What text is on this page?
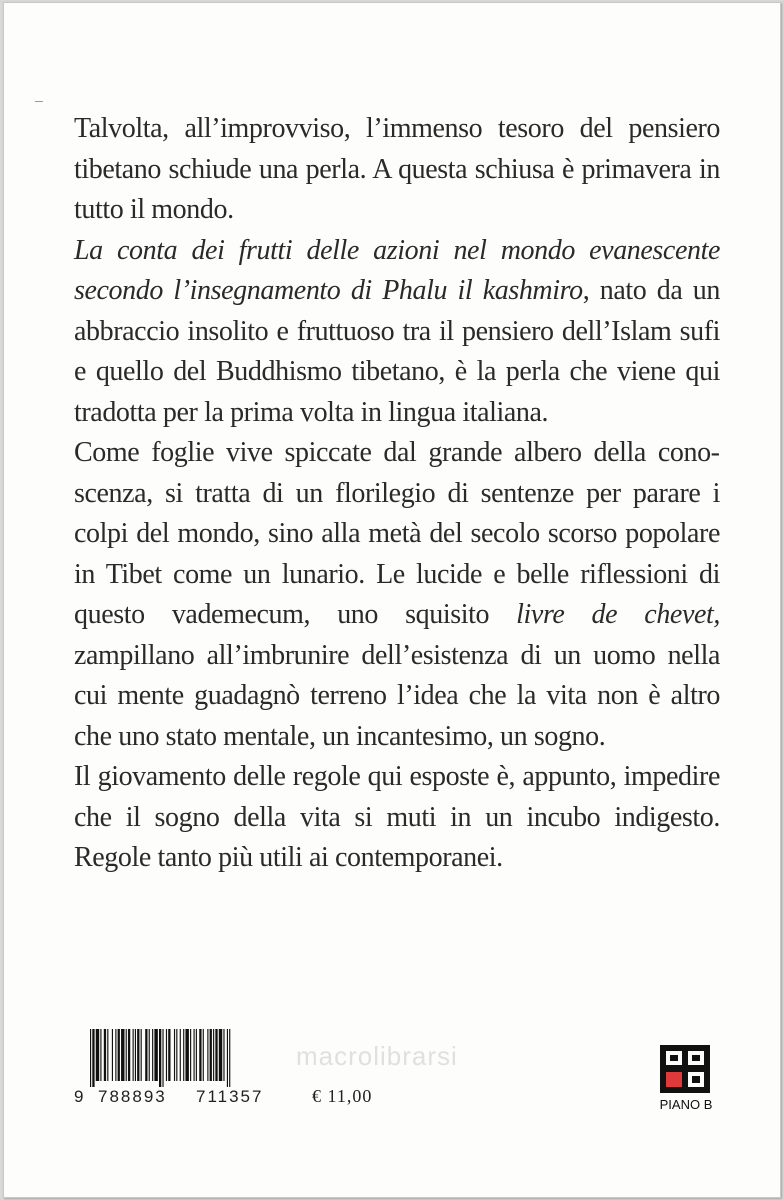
Talvolta, all’improvviso, l’immenso tesoro del pensiero tibetano schiude una perla. A questa schiusa è primavera in tutto il mondo.

La conta dei frutti delle azioni nel mondo evanescente secondo l’insegnamento di Phalu il kashmiro, nato da un abbraccio insolito e fruttuoso tra il pensiero dell’Islam sufi e quello del Buddhismo tibetano, è la perla che viene qui tradotta per la prima volta in lingua italiana.

Come foglie vive spiccate dal grande albero della conoscenza, si tratta di un florilegio di sentenze per parare i colpi del mondo, sino alla metà del secolo scorso popolare in Tibet come un lunario. Le lucide e belle riflessioni di questo vademecum, uno squisito livre de chevet, zampillano all’imbrunire dell’esistenza di un uomo nella cui mente guadagnò terreno l’idea che la vita non è altro che uno stato mentale, un incantesimo, un sogno.

Il giovamento delle regole qui esposte è, appunto, impedire che il sogno della vita si muti in un incubo indigesto. Regole tanto più utili ai contemporanei.

macrolibrarsi
9 788893 711357	€ 11,00	PIANO B
